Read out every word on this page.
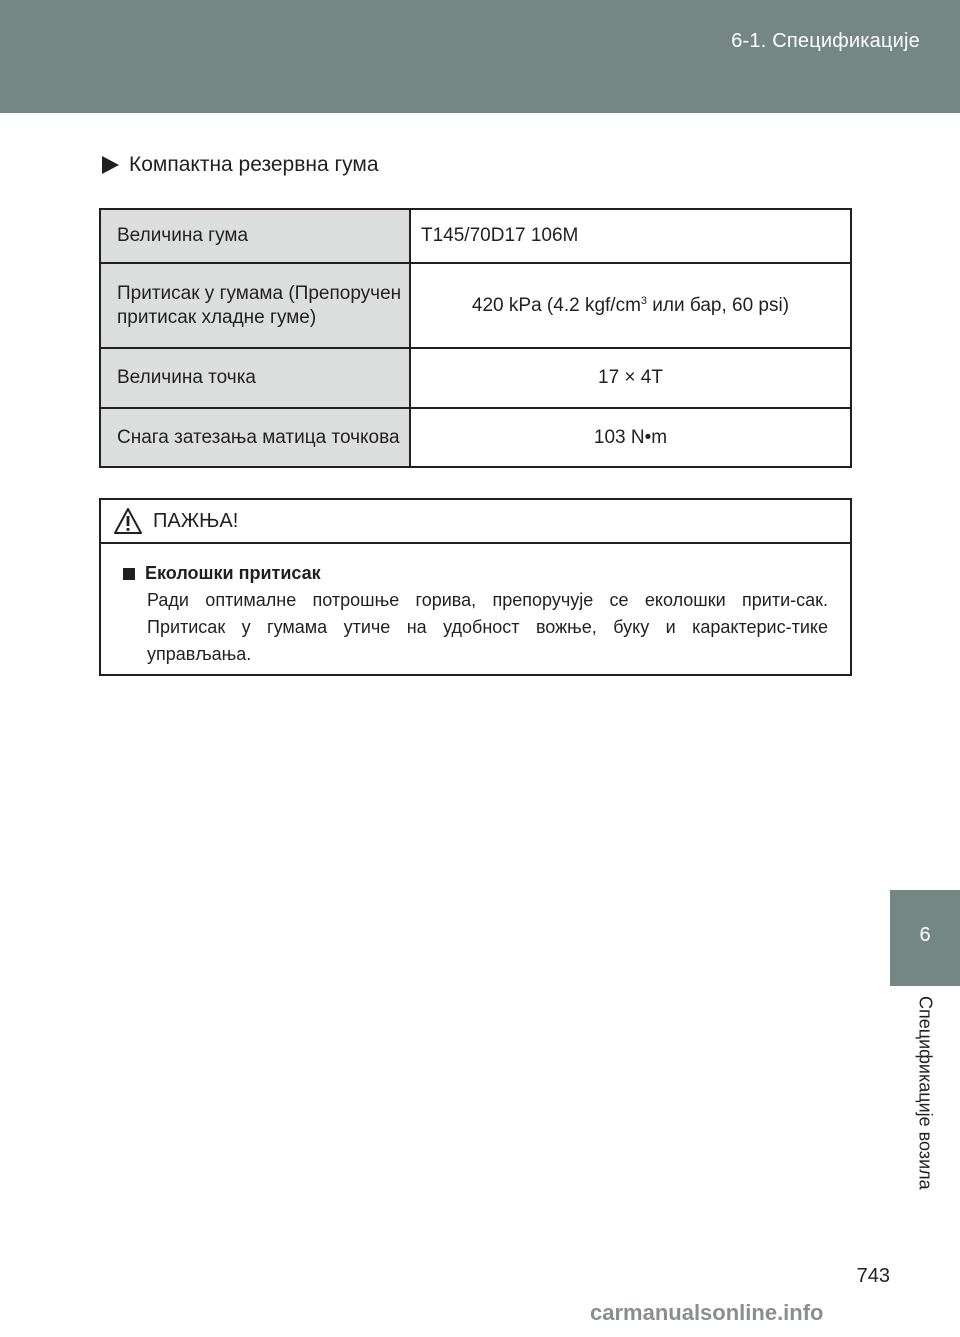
6-1. Спецификације
6
Спецификације возила
Компактна резервна гума
Величина гума	T145/70D17 106M
Притисак у гумама (Препоручен притисак хладне гуме)	420 kPa (4.2 kgf/$cm^3$ или бар, 60 psi)
Величина точка	17 × 4T
Снага затезања матица точкова	103 N•m
ПАЖЊА!
Еколошки притисак
Ради оптималне потрошње горива, препоручује се еколошки прити-сак. Притисак у гумама утиче на удобност вожње, буку и карактерис-тике управљања.
743
carmanualsonline.info
